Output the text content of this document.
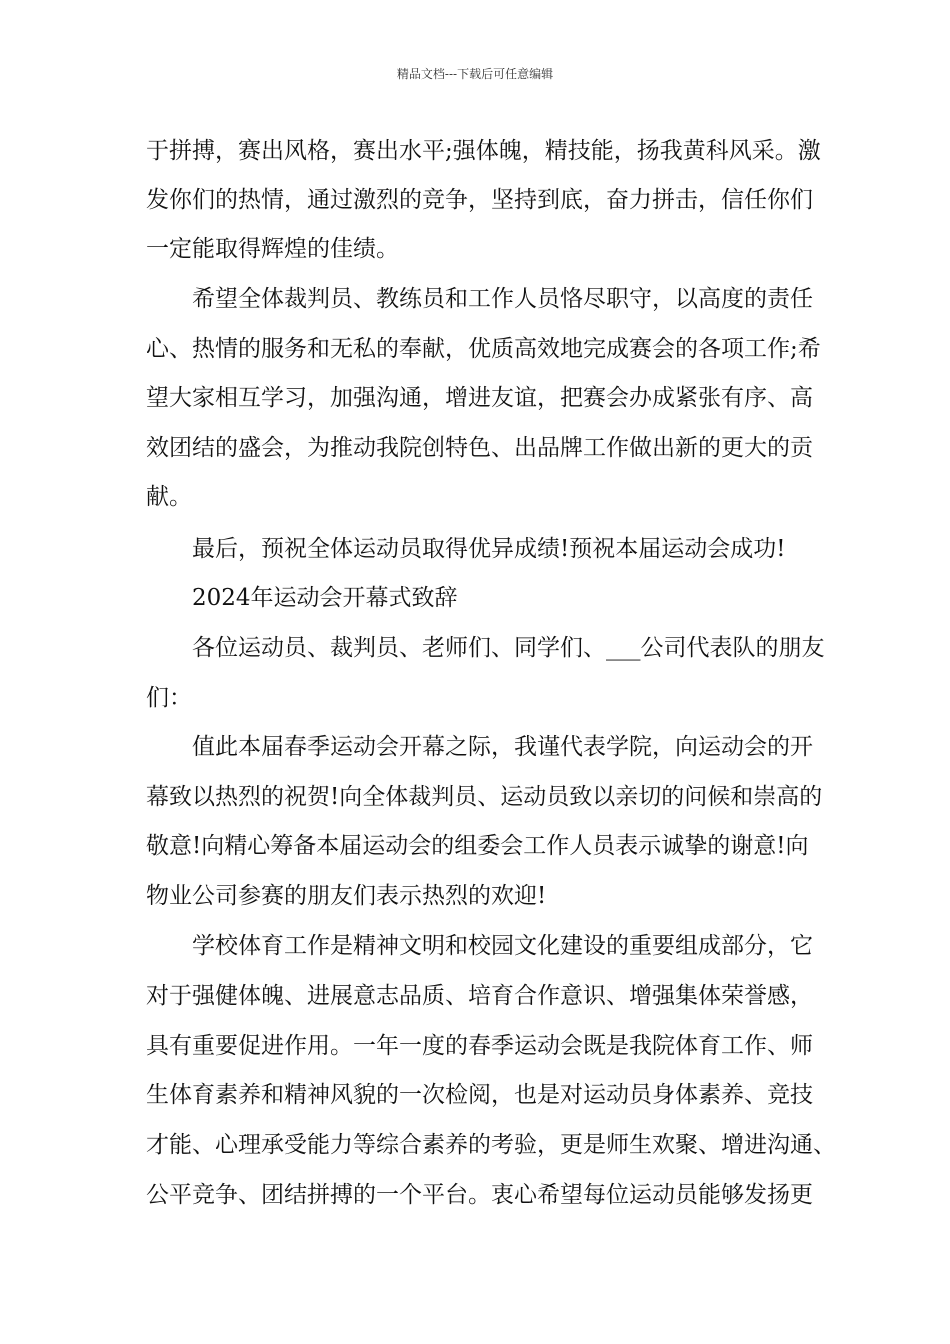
精品文档---下载后可任意编辑
于拼搏，赛出风格，赛出水平;强体魄，精技能，扬我黄科风采。激
发你们的热情，通过激烈的竞争，坚持到底，奋力拼击，信任你们
一定能取得辉煌的佳绩。
希望全体裁判员、教练员和工作人员恪尽职守，以高度的责任
心、热情的服务和无私的奉献，优质高效地完成赛会的各项工作;希
望大家相互学习，加强沟通，增进友谊，把赛会办成紧张有序、高
效团结的盛会，为推动我院创特色、出品牌工作做出新的更大的贡
献。
最后，预祝全体运动员取得优异成绩!预祝本届运动会成功!
2024年运动会开幕式致辞
各位运动员、裁判员、老师们、同学们、___公司代表队的朋友
们：
值此本届春季运动会开幕之际，我谨代表学院，向运动会的开
幕致以热烈的祝贺!向全体裁判员、运动员致以亲切的问候和崇高的
敬意!向精心筹备本届运动会的组委会工作人员表示诚挚的谢意!向
物业公司参赛的朋友们表示热烈的欢迎!
学校体育工作是精神文明和校园文化建设的重要组成部分，它
对于强健体魄、进展意志品质、培育合作意识、增强集体荣誉感，
具有重要促进作用。一年一度的春季运动会既是我院体育工作、师
生体育素养和精神风貌的一次检阅，也是对运动员身体素养、竞技
才能、心理承受能力等综合素养的考验，更是师生欢聚、增进沟通、
公平竞争、团结拼搏的一个平台。衷心希望每位运动员能够发扬更
